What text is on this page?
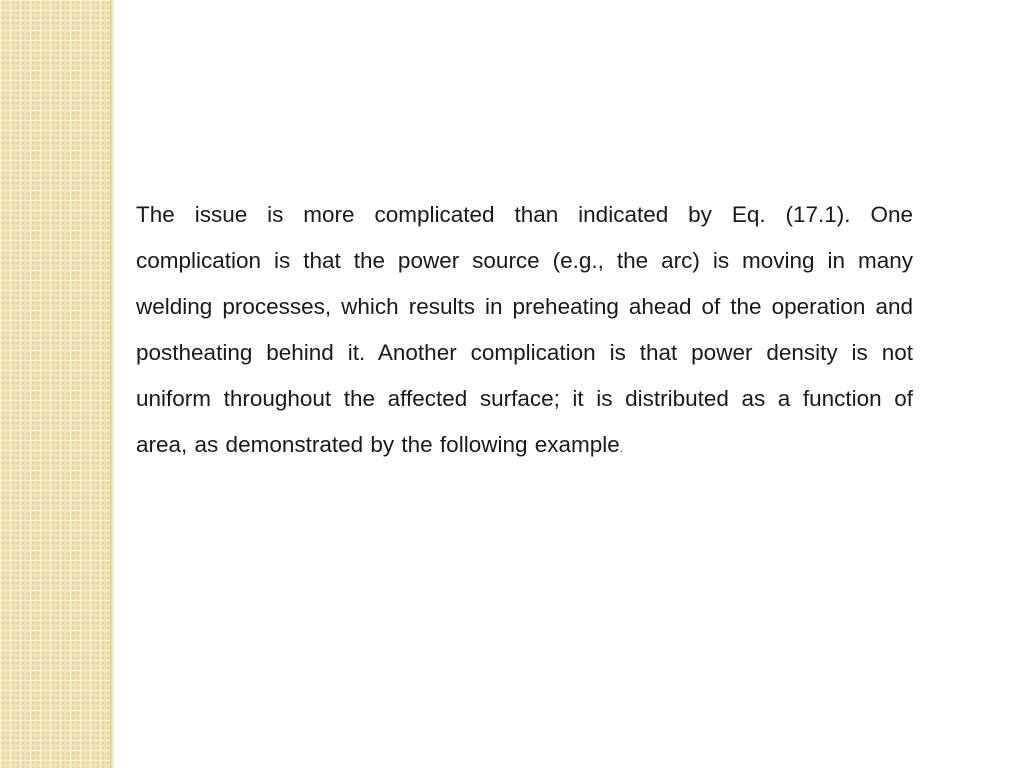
The issue is more complicated than indicated by Eq. (17.1). One complication is that the power source (e.g., the arc) is moving in many welding processes, which results in preheating ahead of the operation and postheating behind it. Another complication is that power density is not uniform throughout the affected surface; it is distributed as a function of area, as demonstrated by the following example.
